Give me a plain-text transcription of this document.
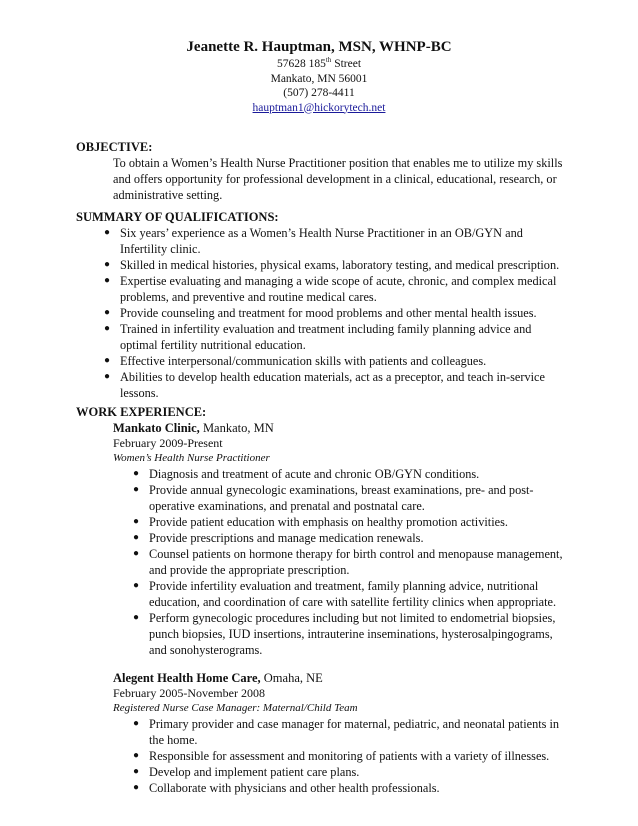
Jeanette R. Hauptman, MSN, WHNP-BC
57628 185th Street
Mankato, MN 56001
(507) 278-4411
hauptman1@hickorytech.net
OBJECTIVE:
To obtain a Women’s Health Nurse Practitioner position that enables me to utilize my skills
and offers opportunity for professional development in a clinical, educational, research, or
administrative setting.
SUMMARY OF QUALIFICATIONS:
● Six years’ experience as a Women’s Health Nurse Practitioner in an OB/GYN and
Infertility clinic.
● Skilled in medical histories, physical exams, laboratory testing, and medical prescription.
● Expertise evaluating and managing a wide scope of acute, chronic, and complex medical
problems, and preventive and routine medical cares.
● Provide counseling and treatment for mood problems and other mental health issues.
● Trained in infertility evaluation and treatment including family planning advice and
optimal fertility nutritional education.
● Effective interpersonal/communication skills with patients and colleagues.
● Abilities to develop health education materials, act as a preceptor, and teach in-service
lessons.
WORK EXPERIENCE:
Mankato Clinic, Mankato, MN
February 2009-Present
Women’s Health Nurse Practitioner
● Diagnosis and treatment of acute and chronic OB/GYN conditions.
● Provide annual gynecologic examinations, breast examinations, pre- and post-
operative examinations, and prenatal and postnatal care.
● Provide patient education with emphasis on healthy promotion activities.
● Provide prescriptions and manage medication renewals.
● Counsel patients on hormone therapy for birth control and menopause management,
and provide the appropriate prescription.
● Provide infertility evaluation and treatment, family planning advice, nutritional
education, and coordination of care with satellite fertility clinics when appropriate.
● Perform gynecologic procedures including but not limited to endometrial biopsies,
punch biopsies, IUD insertions, intrauterine inseminations, hysterosalpingograms,
and sonohysterograms.
Alegent Health Home Care, Omaha, NE
February 2005-November 2008
Registered Nurse Case Manager: Maternal/Child Team
● Primary provider and case manager for maternal, pediatric, and neonatal patients in
the home.
● Responsible for assessment and monitoring of patients with a variety of illnesses.
● Develop and implement patient care plans.
● Collaborate with physicians and other health professionals.
